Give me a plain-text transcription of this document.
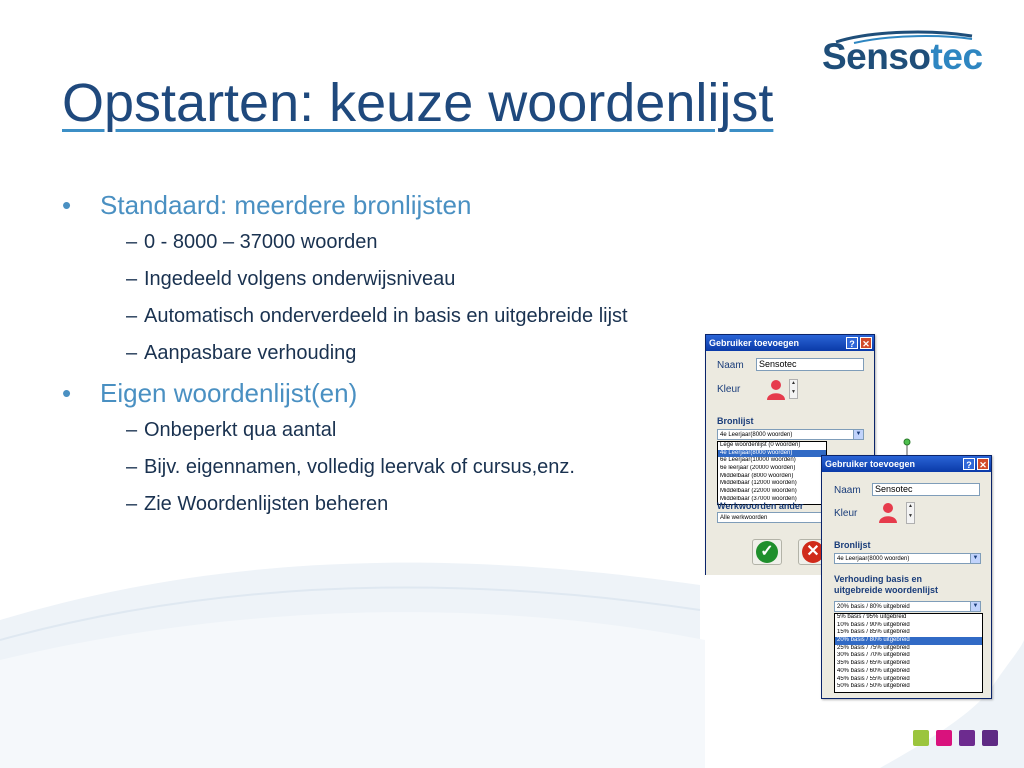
Sensotec
Opstarten: keuze woordenlijst
• Standaard: meerdere bronlijsten
– 0 - 8000 – 37000 woorden
– Ingedeeld volgens onderwijsniveau
– Automatisch onderverdeeld in basis en uitgebreide lijst
– Aanpasbare verhouding
• Eigen woordenlijst(en)
– Onbeperkt qua aantal
– Bijv. eigennamen, volledig leervak of cursus,enz.
– Zie Woordenlijsten beheren
Gebruiker toevoegen	? ✕
Naam	Sensotec
Kleur
▲
▼
Bronlijst
4e Leerjaar(8000 woorden)	▼
Lege woordenlijst (0 woorden)
4e Leerjaar(8000 woorden)
6e Leerjaar(10000 woorden)
6e leerjaar (20000 woorden)
Middelbaar (8000 woorden)
Middelbaar (12000 woorden)
Middelbaar (22000 woorden)
Middelbaar (37000 woorden)
Werkwoorden ander
Alle werkwoorden
✓ ✕
Gebruiker toevoegen	? ✕
Naam	Sensotec
Kleur
▲
▼
Bronlijst
4e Leerjaar(8000 woorden)	▼
Verhouding basis en
uitgebreide woordenlijst
20% basis / 80% uitgebreid	▼
5% basis / 95% uitgebreid
10% basis / 90% uitgebreid
15% basis / 85% uitgebreid
20% basis / 80% uitgebreid
25% basis / 75% uitgebreid
30% basis / 70% uitgebreid
35% basis / 65% uitgebreid
40% basis / 60% uitgebreid
45% basis / 55% uitgebreid
50% basis / 50% uitgebreid
